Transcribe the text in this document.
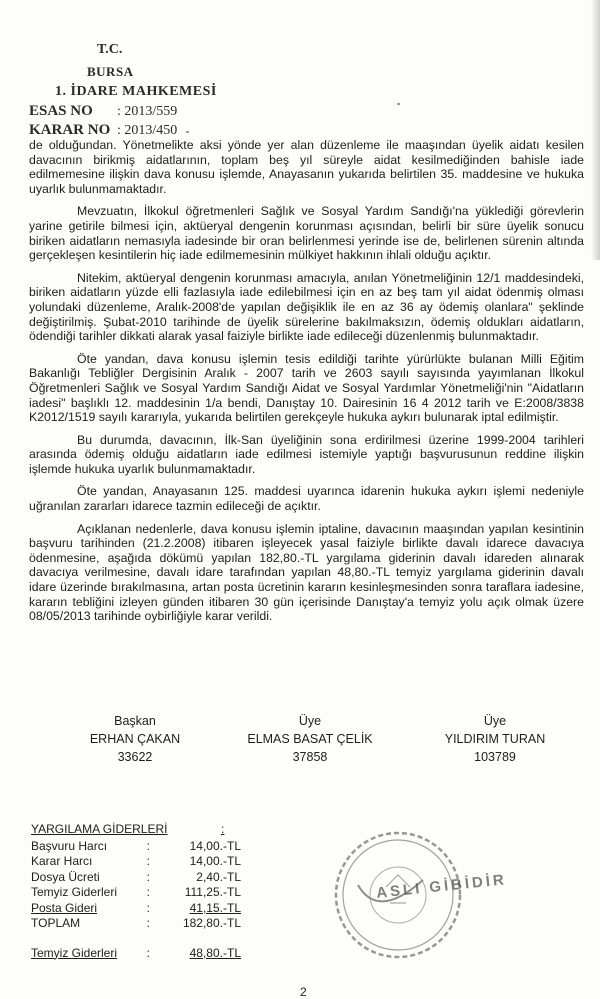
T.C.
BURSA
1. İDARE MAHKEMESİ
ESAS NO : 2013/559
KARAR NO : 2013/450

de olduğundan. Yönetmelikte aksi yönde yer alan düzenleme ile maaşından üyelik aidatı kesilen davacının birikmiş aidatlarının, toplam beş yıl süreyle aidat kesilmediğinden bahisle iade edilmemesine ilişkin dava konusu işlemde, Anayasanın yukarıda belirtilen 35. maddesine ve hukuka uyarlık bulunmamaktadır.

Mevzuatın, İlkokul öğretmenleri Sağlık ve Sosyal Yardım Sandığı'na yüklediği görevlerin yarine getirile bilmesi için, aktüeryal dengenin korunması açısından, belirli bir süre üyelik sonucu biriken aidatların nemasıyla iadesinde bir oran belirlenmesi yerinde ise de, belirlenen sürenin altında gerçekleşen kesintilerin hiç iade edilmemesinin mülkiyet hakkının ihlali olduğu açıktır.

Nitekim, aktüeryal dengenin korunması amacıyla, anılan Yönetmeliğinin 12/1 maddesindeki, biriken aidatların yüzde elli fazlasıyla iade edilebilmesi için en az beş tam yıl aidat ödenmiş olması yolundaki düzenleme, Aralık-2008'de yapılan değişiklik ile en az 36 ay ödemiş olanlara" şeklinde değiştirilmiş. Şubat-2010 tarihinde de üyelik sürelerine bakılmaksızın, ödemiş oldukları aidatların, ödendiği tarihler dikkati alarak yasal faiziyle birlikte iade edileceği düzenlenmiş bulunmaktadır.

Öte yandan, dava konusu işlemin tesis edildiği tarihte yürürlükte bulanan Milli Eğitim Bakanlığı Tebliğler Dergisinin Aralık - 2007 tarih ve 2603 sayılı sayısında yayımlanan İlkokul Öğretmenleri Sağlık ve Sosyal Yardım Sandığı Aidat ve Sosyal Yardımlar Yönetmeliği'nin "Aidatların iadesi" başlıklı 12. maddesinin 1/a bendi, Danıştay 10. Dairesinin 16 4 2012 tarih ve E:2008/3838 K2012/1519 sayılı kararıyla, yukarıda belirtilen gerekçeyle hukuka aykırı bulunarak iptal edilmiştir.

Bu durumda, davacının, İlk-San üyeliğinin sona erdirilmesi üzerine 1999-2004 tarihleri arasında ödemiş olduğu aidatların iade edilmesi istemiyle yaptığı başvurusunun reddine ilişkin işlemde hukuka uyarlık bulunmamaktadır.

Öte yandan, Anayasanın 125. maddesi uyarınca idarenin hukuka aykırı işlemi nedeniyle uğranılan zararları idarece tazmin edileceği de açıktır.

Açıklanan nedenlerle, dava konusu işlemin iptaline, davacının maaşından yapılan kesintinin başvuru tarihinden (21.2.2008) itibaren işleyecek yasal faiziyle birlikte davalı idarece davacıya ödenmesine, aşağıda dökümü yapılan 182,80.-TL yargılama giderinin davalı idareden alınarak davacıya verilmesine, davalı idare tarafından yapılan 48,80.-TL temyiz yargılama giderinin davalı idare üzerinde bırakılmasına, artan posta ücretinin kararın kesinleşmesinden sonra taraflara iadesine, kararın tebliğini izleyen günden itibaren 30 gün içerisinde Danıştay'a temyiz yolu açık olmak üzere 08/05/2013 tarihinde oybirliğiyle karar verildi.

Başkan
ERHAN ÇAKAN
33622
Üye
ELMAS BASAT ÇELİK
37858
Üye
YILDIRIM TURAN
103789
YARGILAMA GİDERLERİ	:
Başvuru Harcı	:	14,00.-TL
Karar Harcı	:	14,00.-TL
Dosya Ücreti	:	2,40.-TL
Temyiz Giderleri	:	111,25.-TL
Posta Gideri	:	41,15.-TL
TOPLAM	:	182,80.-TL
Temyiz Giderleri	:	48,80.-TL
ASLI GİBİDİR
2
